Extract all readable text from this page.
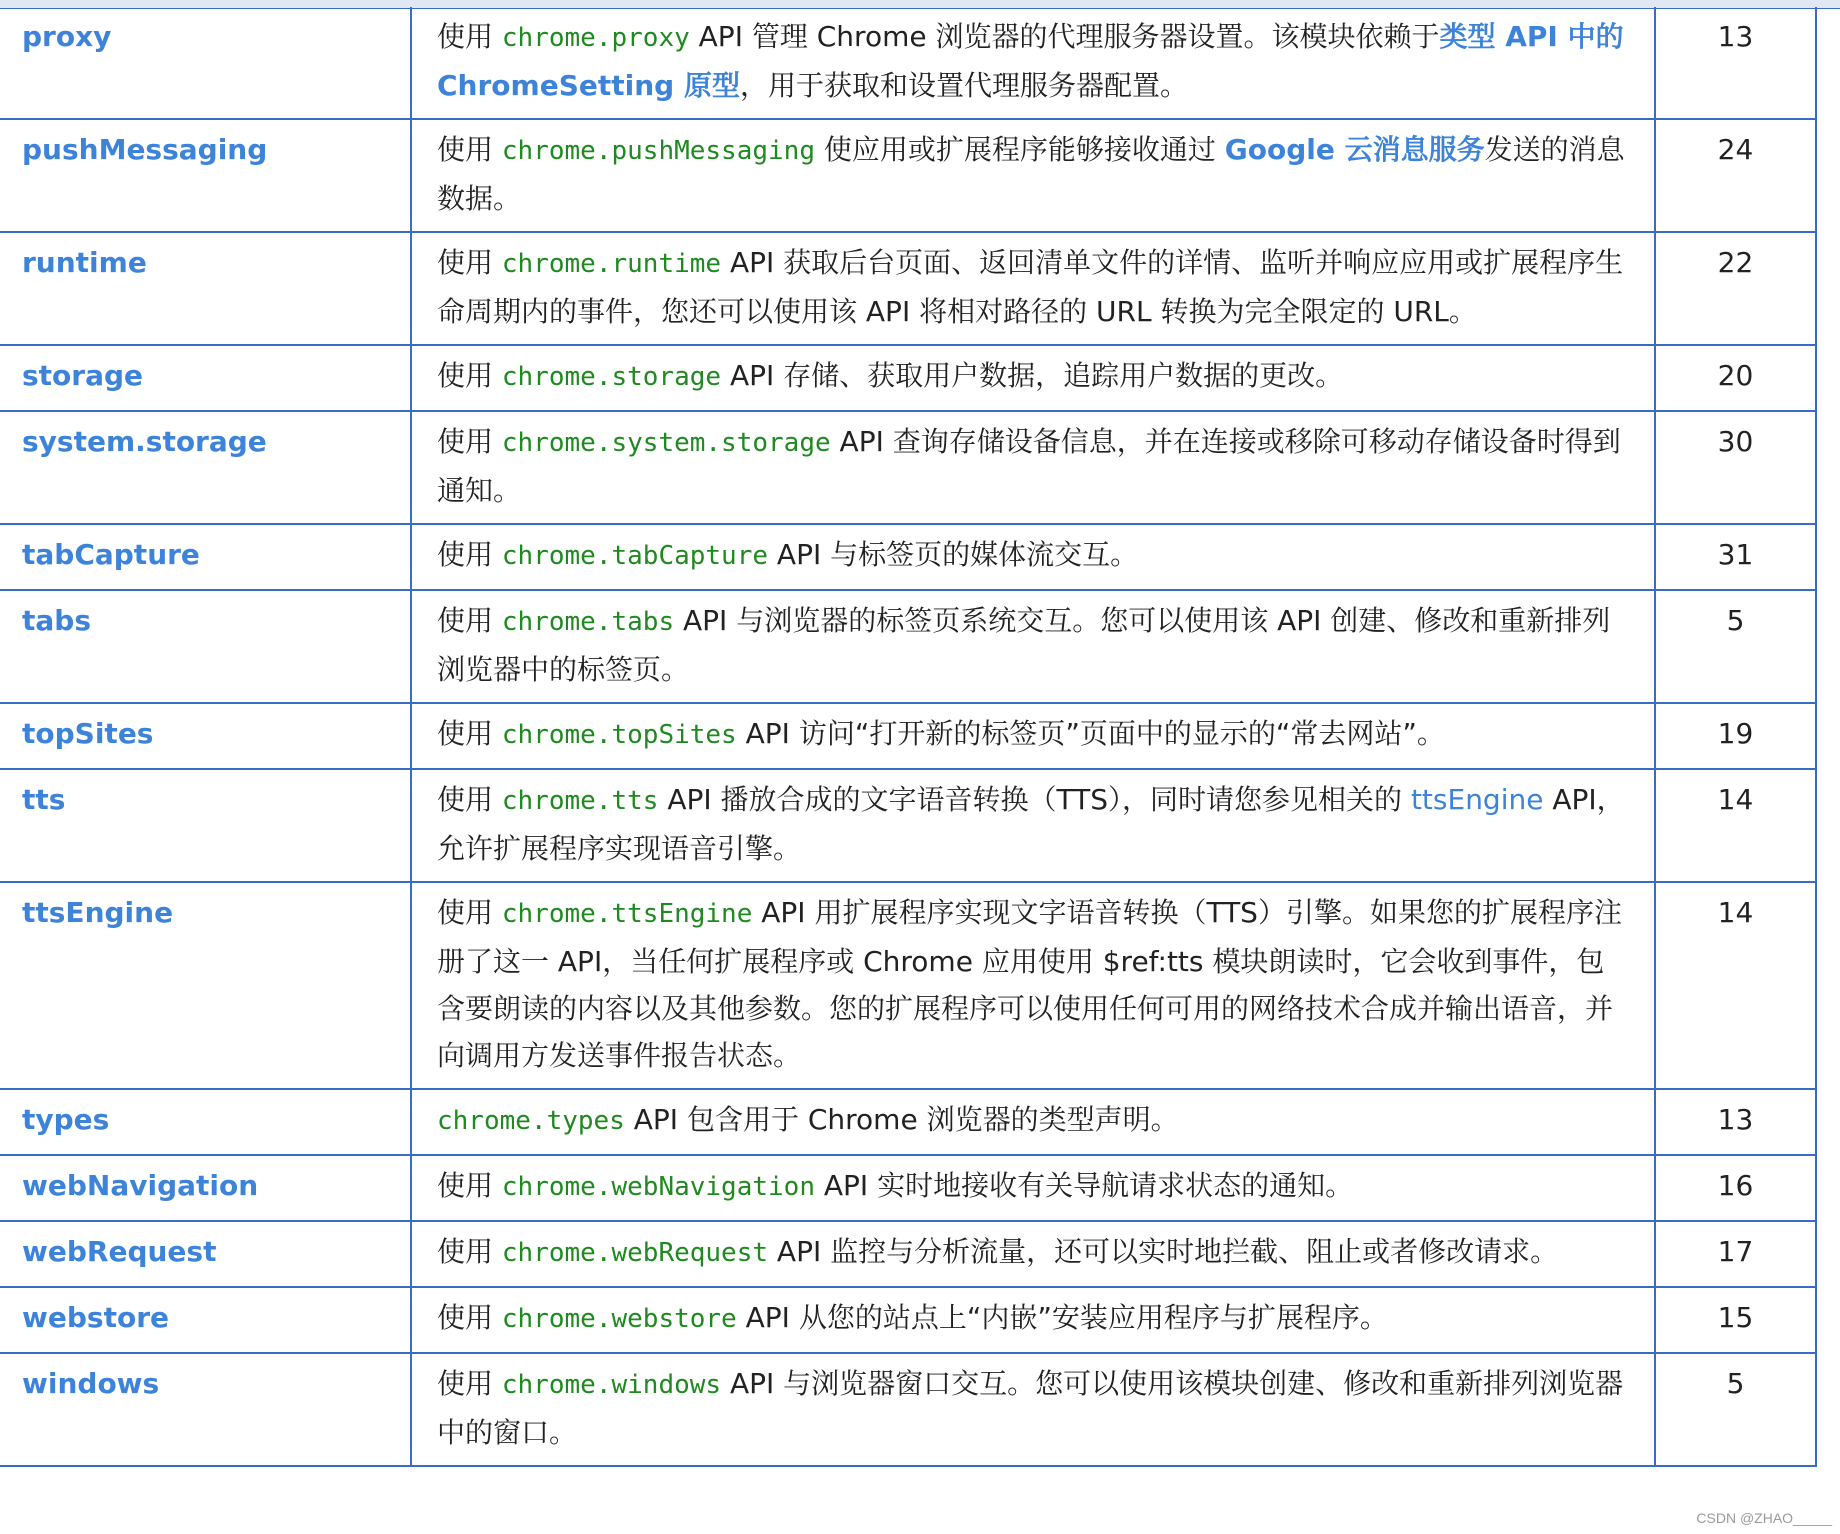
proxy	使用 chrome.proxy API 管理 Chrome 浏览器的代理服务器设置。该模块依赖于类型 API 中的 ChromeSetting 原型，用于获取和设置代理服务器配置。	13
pushMessaging	使用 chrome.pushMessaging 使应用或扩展程序能够接收通过 Google 云消息服务发送的消息数据。	24
runtime	使用 chrome.runtime API 获取后台页面、返回清单文件的详情、监听并响应应用或扩展程序生命周期内的事件，您还可以使用该 API 将相对路径的 URL 转换为完全限定的 URL。	22
storage	使用 chrome.storage API 存储、获取用户数据，追踪用户数据的更改。	20
system.storage	使用 chrome.system.storage API 查询存储设备信息，并在连接或移除可移动存储设备时得到通知。	30
tabCapture	使用 chrome.tabCapture API 与标签页的媒体流交互。	31
tabs	使用 chrome.tabs API 与浏览器的标签页系统交互。您可以使用该 API 创建、修改和重新排列浏览器中的标签页。	5
topSites	使用 chrome.topSites API 访问“打开新的标签页”页面中的显示的“常去网站”。	19
tts	使用 chrome.tts API 播放合成的文字语音转换（TTS），同时请您参见相关的 ttsEngine API，允许扩展程序实现语音引擎。	14
ttsEngine	使用 chrome.ttsEngine API 用扩展程序实现文字语音转换（TTS）引擎。如果您的扩展程序注册了这一 API，当任何扩展程序或 Chrome 应用使用 $ref:tts 模块朗读时，它会收到事件，包含要朗读的内容以及其他参数。您的扩展程序可以使用任何可用的网络技术合成并输出语音，并向调用方发送事件报告状态。	14
types	chrome.types API 包含用于 Chrome 浏览器的类型声明。	13
webNavigation	使用 chrome.webNavigation API 实时地接收有关导航请求状态的通知。	16
webRequest	使用 chrome.webRequest API 监控与分析流量，还可以实时地拦截、阻止或者修改请求。	17
webstore	使用 chrome.webstore API 从您的站点上“内嵌”安装应用程序与扩展程序。	15
windows	使用 chrome.windows API 与浏览器窗口交互。您可以使用该模块创建、修改和重新排列浏览器中的窗口。	5
CSDN @ZHAO_____
